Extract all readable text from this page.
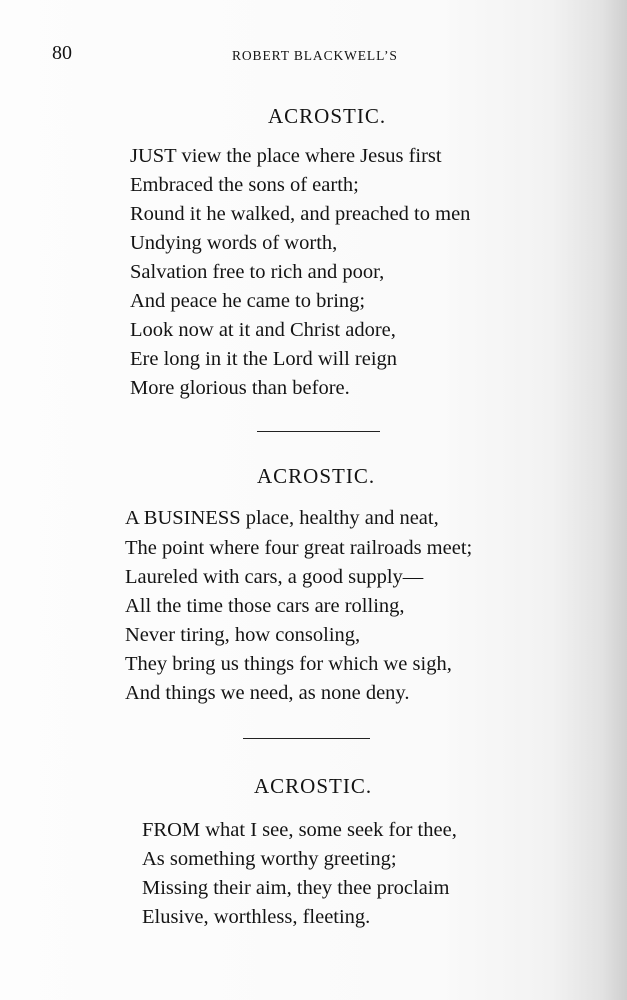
80	ROBERT BLACKWELL’S
ACROSTIC.
JUST view the place where Jesus first
Embraced the sons of earth;
Round it he walked, and preached to men
Undying words of worth,
Salvation free to rich and poor,
And peace he came to bring;
Look now at it and Christ adore,
Ere long in it the Lord will reign
More glorious than before.
ACROSTIC.
A BUSINESS place, healthy and neat,
The point where four great railroads meet;
Laureled with cars, a good supply—
All the time those cars are rolling,
Never tiring, how consoling,
They bring us things for which we sigh,
And things we need, as none deny.
ACROSTIC.
FROM what I see, some seek for thee,
As something worthy greeting;
Missing their aim, they thee proclaim
Elusive, worthless, fleeting.
